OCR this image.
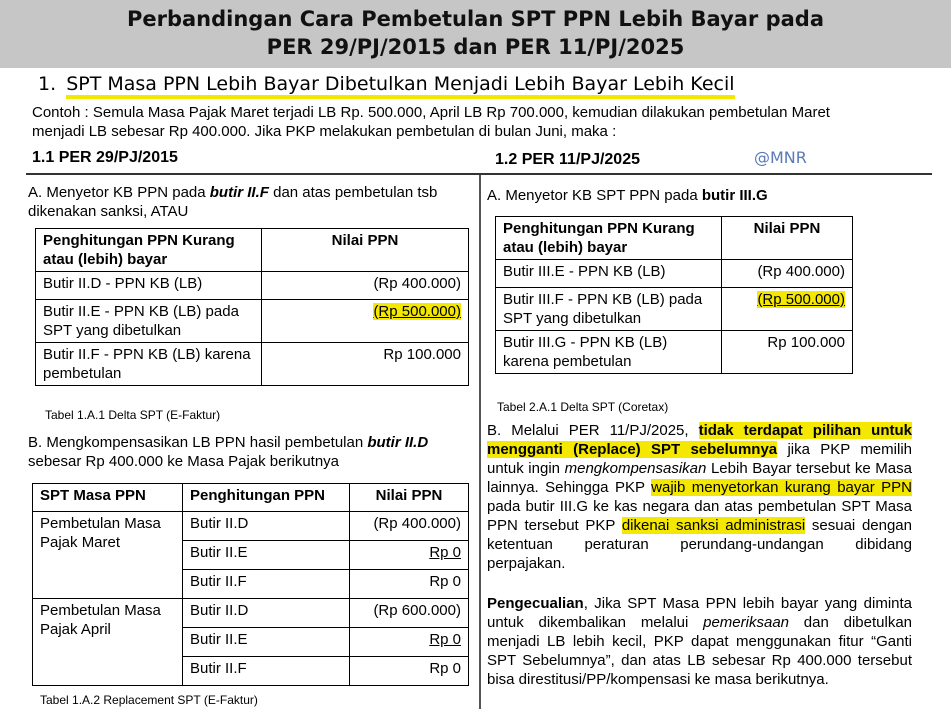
Perbandingan Cara Pembetulan SPT PPN Lebih Bayar pada
PER 29/PJ/2015 dan PER 11/PJ/2025
1. SPT Masa PPN Lebih Bayar Dibetulkan Menjadi Lebih Bayar Lebih Kecil
Contoh : Semula Masa Pajak Maret terjadi LB Rp. 500.000, April LB Rp 700.000, kemudian dilakukan pembetulan Maret
menjadi LB sebesar Rp 400.000. Jika PKP melakukan pembetulan di bulan Juni, maka :
1.1 PER 29/PJ/2015	1.2 PER 11/PJ/2025	@MNR
A. Menyetor KB PPN pada butir II.F dan atas pembetulan tsb dikenakan sanksi, ATAU
Penghitungan PPN Kurang atau (lebih) bayar	Nilai PPN
Butir II.D - PPN KB (LB)	(Rp 400.000)
Butir II.E - PPN KB (LB) pada SPT yang dibetulkan	(Rp 500.000)
Butir II.F - PPN KB (LB) karena pembetulan	Rp 100.000
Tabel 1.A.1 Delta SPT (E-Faktur)
B. Mengkompensasikan LB PPN hasil pembetulan butir II.D sebesar Rp 400.000 ke Masa Pajak berikutnya
SPT Masa PPN	Penghitungan PPN	Nilai PPN
Pembetulan Masa Pajak Maret	Butir II.D	(Rp 400.000)
	Butir II.E	Rp 0
	Butir II.F	Rp 0
Pembetulan Masa Pajak April	Butir II.D	(Rp 600.000)
	Butir II.E	Rp 0
	Butir II.F	Rp 0
Tabel 1.A.2 Replacement SPT (E-Faktur)
A. Menyetor KB SPT PPN pada butir III.G
Penghitungan PPN Kurang atau (lebih) bayar	Nilai PPN
Butir III.E - PPN KB (LB)	(Rp 400.000)
Butir III.F - PPN KB (LB) pada SPT yang dibetulkan	(Rp 500.000)
Butir III.G - PPN KB (LB) karena pembetulan	Rp 100.000
Tabel 2.A.1 Delta SPT (Coretax)
B. Melalui PER 11/PJ/2025, tidak terdapat pilihan untuk mengganti (Replace) SPT sebelumnya jika PKP memilih untuk ingin mengkompensasikan Lebih Bayar tersebut ke Masa lainnya. Sehingga PKP wajib menyetorkan kurang bayar PPN pada butir III.G ke kas negara dan atas pembetulan SPT Masa PPN tersebut PKP dikenai sanksi administrasi sesuai dengan ketentuan peraturan perundang-undangan dibidang perpajakan.
Pengecualian, Jika SPT Masa PPN lebih bayar yang diminta untuk dikembalikan melalui pemeriksaan dan dibetulkan menjadi LB lebih kecil, PKP dapat menggunakan fitur “Ganti SPT Sebelumnya”, dan atas LB sebesar Rp 400.000 tersebut bisa direstitusi/PP/kompensasi ke masa berikutnya.
